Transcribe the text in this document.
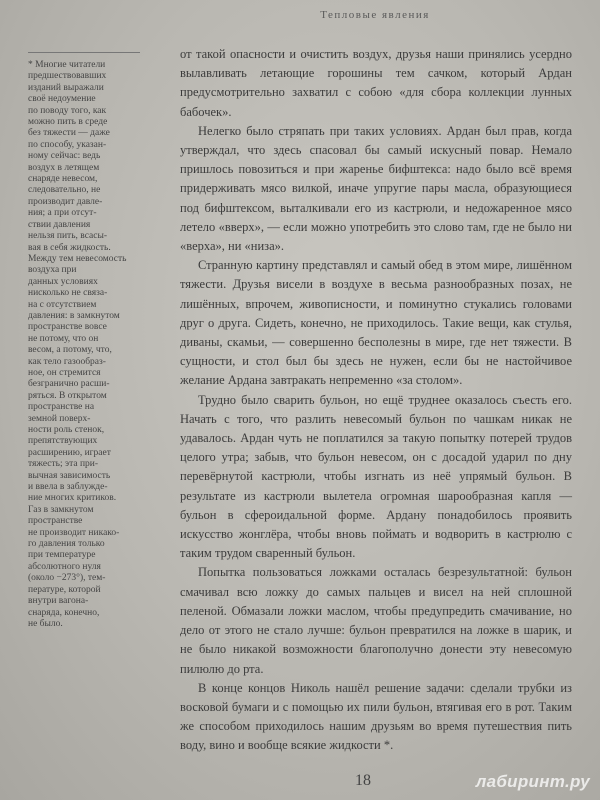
Тепловые явления
* Многие читатели
предшествовавших
изданий выражали
своё недоумение
по поводу того, как
можно пить в среде
без тяжести — даже
по способу, указан-
ному сейчас: ведь
воздух в летящем
снаряде невесом,
следовательно, не
производит давле-
ния; а при отсут-
ствии давления
нельзя пить, всасы-
вая в себя жидкость.
Между тем невесомость
воздуха при
данных условиях
нисколько не связа-
на с отсутствием
давления: в замкнутом
пространстве вовсе
не потому, что он
весом, а потому, что,
как тело газообраз-
ное, он стремится
безгранично расши-
ряться. В открытом
пространстве на
земной поверх-
ности роль стенок,
препятствующих
расширению, играет
тяжесть; эта при-
вычная зависимость
и ввела в заблужде-
ние многих критиков.
Газ в замкнутом
пространстве
не производит никако-
го давления только
при температуре
абсолютного нуля
(около −273°), тем-
пературе, которой
внутри вагона-
снаряда, конечно,
не было.

от такой опасности и очистить воздух, друзья наши принялись усердно вылавливать летающие горошины тем сачком, который Ардан предусмотрительно захватил с собою «для сбора коллекции лунных бабочек».

Нелегко было стряпать при таких условиях. Ардан был прав, когда утверждал, что здесь спасовал бы самый искусный повар. Немало пришлось повозиться и при жаренье бифштекса: надо было всё время придерживать мясо вилкой, иначе упругие пары масла, образующиеся под бифштексом, выталкивали его из кастрюли, и недожаренное мясо летело «вверх», — если можно употребить это слово там, где не было ни «верха», ни «низа».

Странную картину представлял и самый обед в этом мире, лишённом тяжести. Друзья висели в воздухе в весьма разнообразных позах, не лишённых, впрочем, живописности, и поминутно стукались головами друг о друга. Сидеть, конечно, не приходилось. Такие вещи, как стулья, диваны, скамьи, — совершенно бесполезны в мире, где нет тяжести. В сущности, и стол был бы здесь не нужен, если бы не настойчивое желание Ардана завтракать непременно «за столом».

Трудно было сварить бульон, но ещё труднее оказалось съесть его. Начать с того, что разлить невесомый бульон по чашкам никак не удавалось. Ардан чуть не поплатился за такую попытку потерей трудов целого утра; забыв, что бульон невесом, он с досадой ударил по дну перевёрнутой кастрюли, чтобы изгнать из неё упрямый бульон. В результате из кастрюли вылетела огромная шарообразная капля — бульон в сфероидальной форме. Ардану понадобилось проявить искусство жонглёра, чтобы вновь поймать и водворить в кастрюлю с таким трудом сваренный бульон.

Попытка пользоваться ложками осталась безрезультатной: бульон смачивал всю ложку до самых пальцев и висел на ней сплошной пеленой. Обмазали ложки маслом, чтобы предупредить смачивание, но дело от этого не стало лучше: бульон превратился на ложке в шарик, и не было никакой возможности благополучно донести эту невесомую пилюлю до рта.

В конце концов Николь нашёл решение задачи: сделали трубки из восковой бумаги и с помощью их пили бульон, втягивая его в рот. Таким же способом приходилось нашим друзьям во время путешествия пить воду, вино и вообще всякие жидкости *.

18	лабиринт.ру
